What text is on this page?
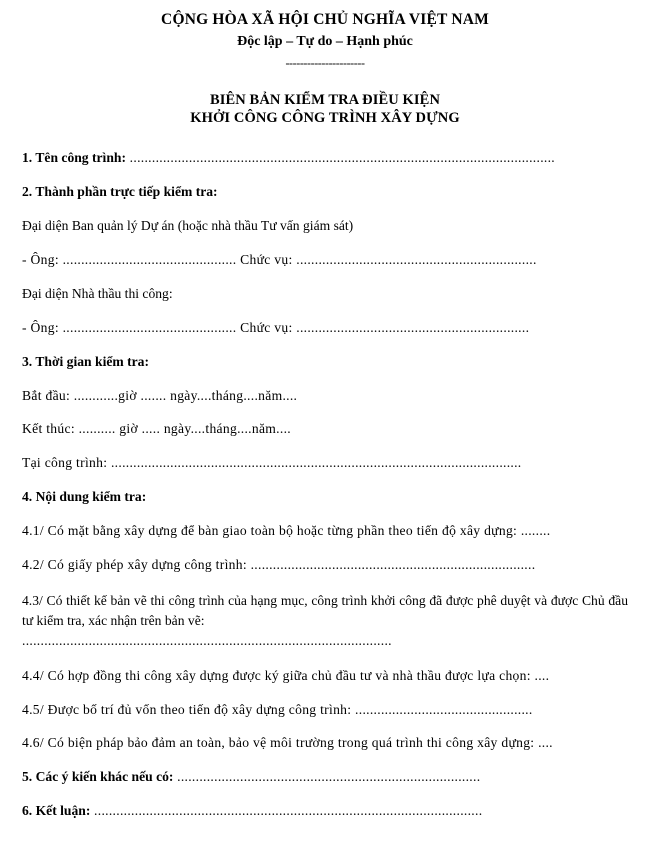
CỘNG HÒA XÃ HỘI CHỦ NGHĨA VIỆT NAM
Độc lập – Tự do – Hạnh phúc
----------------------
BIÊN BẢN KIỂM TRA ĐIỀU KIỆN
KHỞI CÔNG CÔNG TRÌNH XÂY DỰNG

1. Tên công trình: ...................................................................................................................

2. Thành phần trực tiếp kiểm tra:

Đại diện Ban quản lý Dự án (hoặc nhà thầu Tư vấn giám sát)

- Ông: ............................................... Chức vụ: .................................................................

Đại diện Nhà thầu thi công:

- Ông: ............................................... Chức vụ: ...............................................................

3. Thời gian kiểm tra:

Bắt đầu: ............giờ ....... ngày....tháng....năm....

Kết thúc: .......... giờ ..... ngày....tháng....năm....

Tại công trình: ...............................................................................................................

4. Nội dung kiểm tra:

4.1/ Có mặt bằng xây dựng để bàn giao toàn bộ hoặc từng phần theo tiến độ xây dựng: ........

4.2/ Có giấy phép xây dựng công trình: .............................................................................

4.3/ Có thiết kế bản vẽ thi công trình của hạng mục, công trình khởi công đã được phê duyệt và được Chủ đầu tư kiểm tra, xác nhận trên bản vẽ:
....................................................................................................

4.4/ Có hợp đồng thi công xây dựng được ký giữa chủ đầu tư và nhà thầu được lựa chọn: ....

4.5/ Được bố trí đủ vốn theo tiến độ xây dựng công trình: ................................................

4.6/ Có biện pháp bảo đảm an toàn, bảo vệ môi trường trong quá trình thi công xây dựng: ....

5. Các ý kiến khác nếu có: ..................................................................................

6. Kết luận: .........................................................................................................
